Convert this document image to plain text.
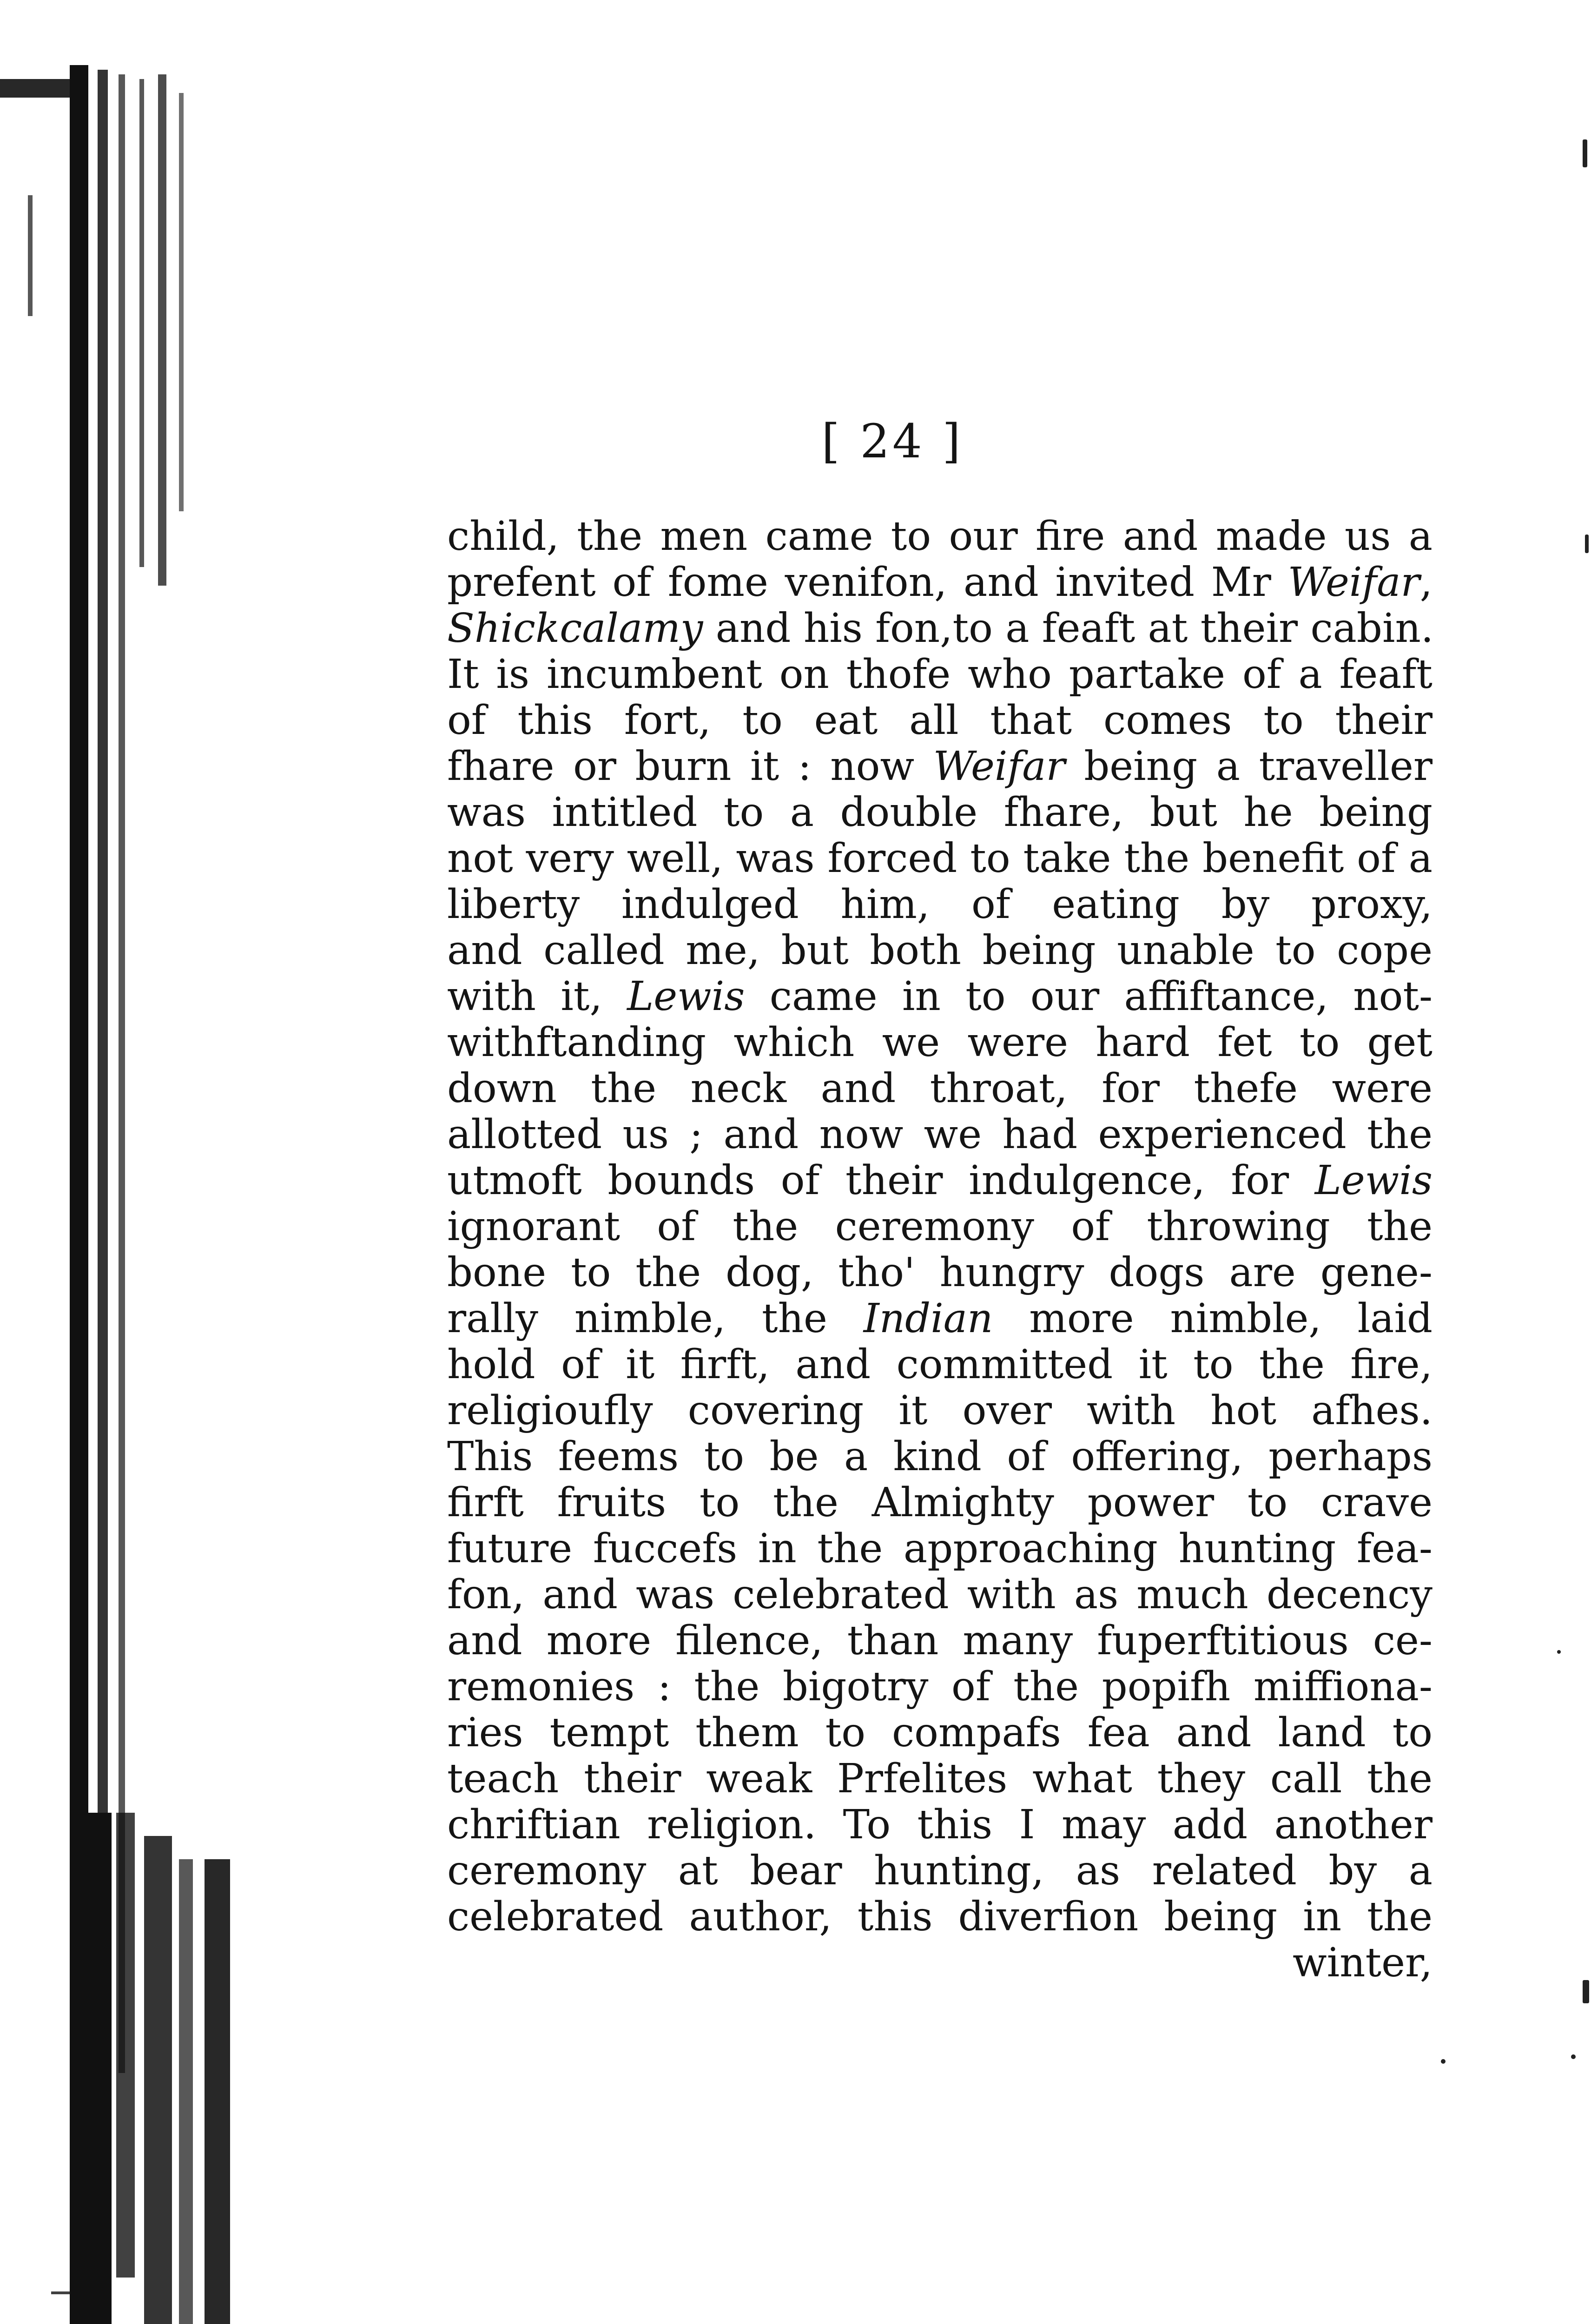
[ 24 ]
child, the men came to our fire and made us a
prefent of fome venifon, and invited Mr Weifar,
Shickcalamy and his fon,to a feaft at their cabin.
It is incumbent on thofe who partake of a feaft
of this fort, to eat all that comes to their
fhare or burn it : now Weifar being a traveller
was intitled to a double fhare, but he being
not very well, was forced to take the benefit of a
liberty indulged him, of eating by proxy,
and called me, but both being unable to cope
with it, Lewis came in to our affiftance, not-
withftanding which we were hard fet to get
down the neck and throat, for thefe were
allotted us ; and now we had experienced the
utmoft bounds of their indulgence, for Lewis
ignorant of the ceremony of throwing the
bone to the dog, tho' hungry dogs are gene-
rally nimble, the Indian more nimble, laid
hold of it firft, and committed it to the fire,
religioufly covering it over with hot afhes.
This feems to be a kind of offering, perhaps
firft fruits to the Almighty power to crave
future fuccefs in the approaching hunting fea-
fon, and was celebrated with as much decency
and more filence, than many fuperftitious ce-
remonies : the bigotry of the popifh miffiona-
ries tempt them to compafs fea and land to
teach their weak Prfelites what they call the
chriftian religion. To this I may add another
ceremony at bear hunting, as related by a
celebrated author, this diverfion being in the
winter,
